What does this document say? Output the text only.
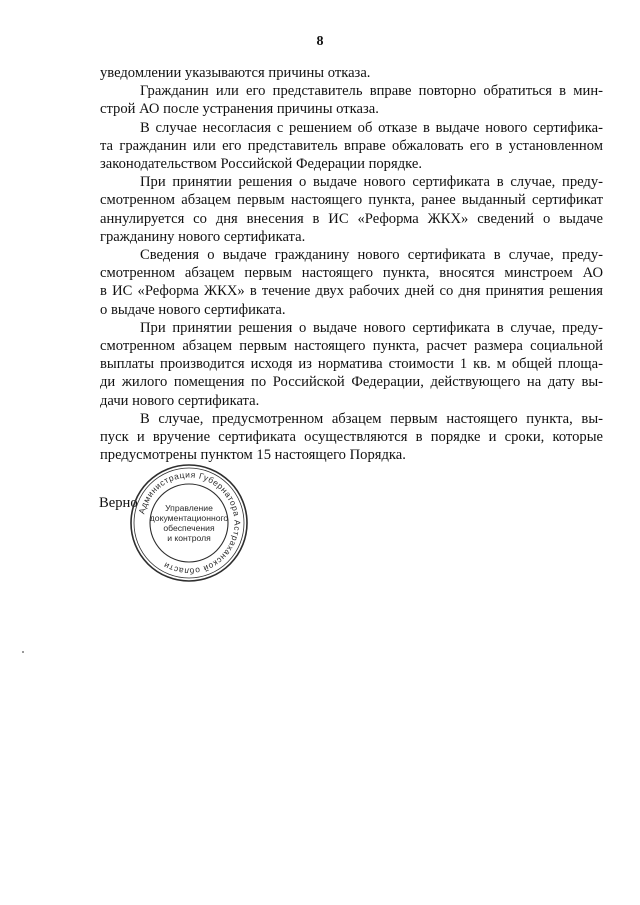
8
уведомлении указываются причины отказа.
Гражданин или его представитель вправе повторно обратиться в мин-
строй АО после устранения причины отказа.
В случае несогласия с решением об отказе в выдаче нового сертифика-
та гражданин или его представитель вправе обжаловать его в установленном
законодательством Российской Федерации порядке.
При принятии решения о выдаче нового сертификата в случае, преду-
смотренном абзацем первым настоящего пункта, ранее выданный сертификат
аннулируется со дня внесения в ИС «Реформа ЖКХ» сведений о выдаче
гражданину нового сертификата.
Сведения о выдаче гражданину нового сертификата в случае, преду-
смотренном абзацем первым настоящего пункта, вносятся минстроем АО
в ИС «Реформа ЖКХ» в течение двух рабочих дней со дня принятия решения
о выдаче нового сертификата.
При принятии решения о выдаче нового сертификата в случае, преду-
смотренном абзацем первым настоящего пункта, расчет размера социальной
выплаты производится исходя из норматива стоимости 1 кв. м общей площа-
ди жилого помещения по Российской Федерации, действующего на дату вы-
дачи нового сертификата.
В случае, предусмотренном абзацем первым настоящего пункта, вы-
пуск и вручение сертификата осуществляются в порядке и сроки, которые
предусмотрены пунктом 15 настоящего Порядка.
Верно
Администрация Губернатора Астраханской области
Управление
документационного
обеспечения
и контроля
